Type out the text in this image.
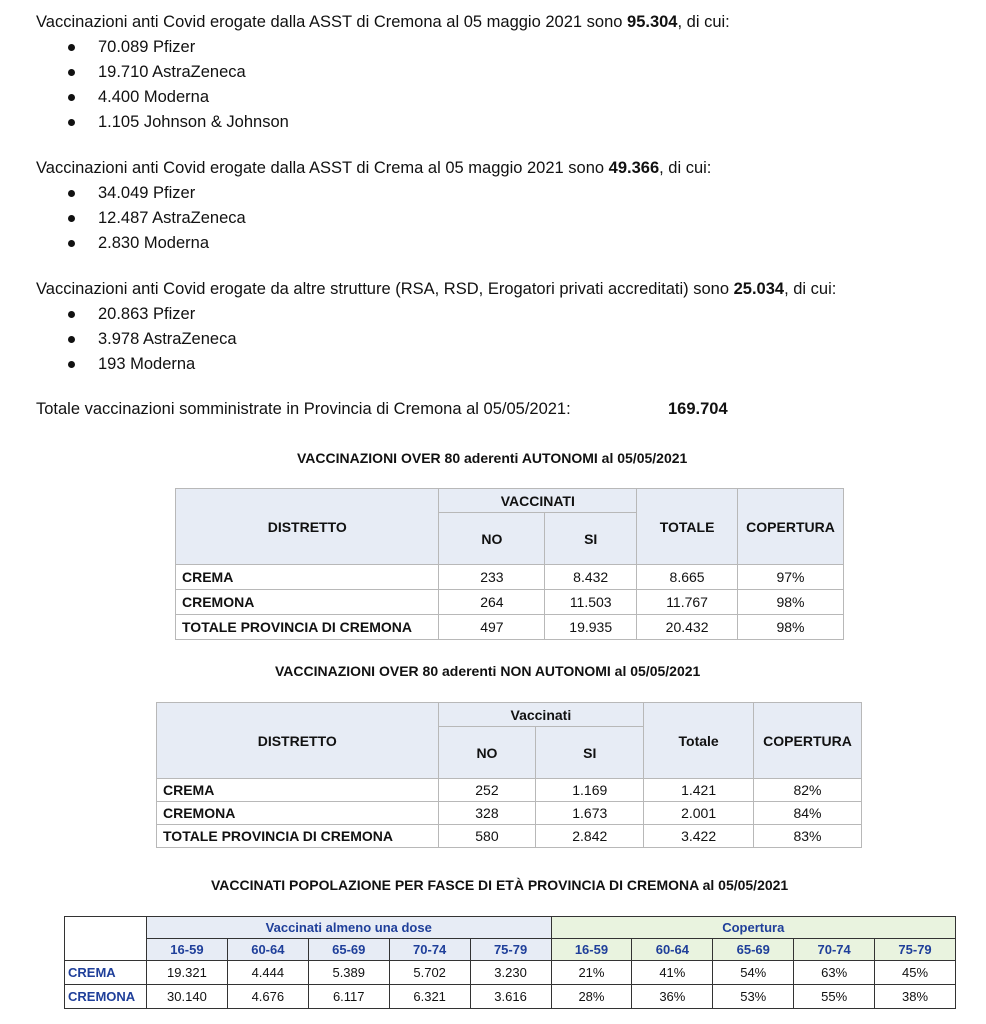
Vaccinazioni anti Covid erogate dalla ASST di Cremona al 05 maggio 2021 sono 95.304, di cui:
70.089 Pfizer
19.710 AstraZeneca
4.400 Moderna
1.105 Johnson & Johnson
Vaccinazioni anti Covid erogate dalla ASST di Crema al 05 maggio 2021 sono 49.366, di cui:
34.049 Pfizer
12.487 AstraZeneca
2.830 Moderna
Vaccinazioni anti Covid erogate da altre strutture (RSA, RSD, Erogatori privati accreditati) sono 25.034, di cui:
20.863 Pfizer
3.978 AstraZeneca
193 Moderna
Totale vaccinazioni somministrate in Provincia di Cremona al 05/05/2021:	169.704
VACCINAZIONI OVER 80 aderenti AUTONOMI al 05/05/2021
DISTRETTO	VACCINATI		TOTALE	COPERTURA
	NO	SI		
CREMA	233	8.432	8.665	97%
CREMONA	264	11.503	11.767	98%
TOTALE PROVINCIA DI CREMONA	497	19.935	20.432	98%
VACCINAZIONI OVER 80 aderenti NON AUTONOMI al 05/05/2021
DISTRETTO	Vaccinati		Totale	COPERTURA
	NO	SI		
CREMA	252	1.169	1.421	82%
CREMONA	328	1.673	2.001	84%
TOTALE PROVINCIA DI CREMONA	580	2.842	3.422	83%
VACCINATI POPOLAZIONE PER FASCE DI ETÀ PROVINCIA DI CREMONA al 05/05/2021
	Vaccinati almeno una dose					Copertura				
	16-59	60-64	65-69	70-74	75-79	16-59	60-64	65-69	70-74	75-79
CREMA	19.321	4.444	5.389	5.702	3.230	21%	41%	54%	63%	45%
CREMONA	30.140	4.676	6.117	6.321	3.616	28%	36%	53%	55%	38%
